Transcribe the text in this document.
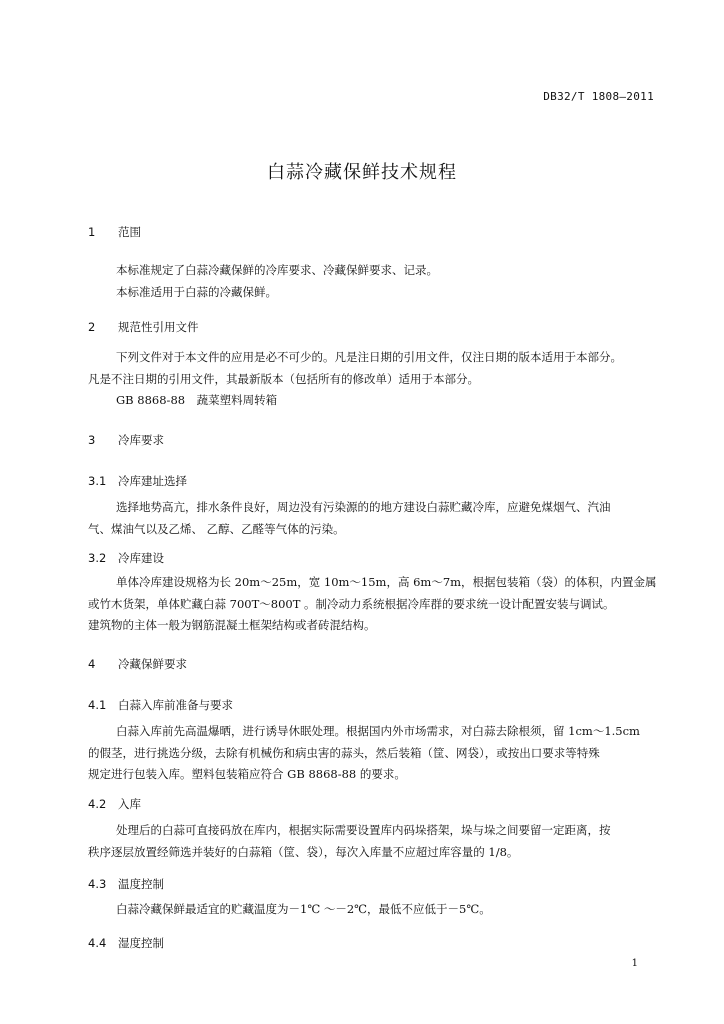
DB32/T 1808—2011
白蒜冷藏保鲜技术规程
1 范围
本标准规定了白蒜冷藏保鲜的冷库要求、冷藏保鲜要求、记录。
本标准适用于白蒜的冷藏保鲜。
2 规范性引用文件
下列文件对于本文件的应用是必不可少的。凡是注日期的引用文件，仅注日期的版本适用于本部分。
凡是不注日期的引用文件，其最新版本（包括所有的修改单）适用于本部分。
GB 8868-88　蔬菜塑料周转箱
3 冷库要求
3.1 冷库建址选择
选择地势高亢，排水条件良好，周边没有污染源的的地方建设白蒜贮藏冷库，应避免煤烟气、汽油
气、煤油气以及乙烯、 乙醇、乙醛等气体的污染。
3.2 冷库建设
单体冷库建设规格为长 20m～25m，宽 10m～15m，高 6m～7m，根据包装箱（袋）的体积，内置金属
或竹木货架，单体贮藏白蒜 700T～800T 。制冷动力系统根据冷库群的要求统一设计配置安装与调试。
建筑物的主体一般为钢筋混凝土框架结构或者砖混结构。
4 冷藏保鲜要求
4.1 白蒜入库前准备与要求
白蒜入库前先高温爆晒，进行诱导休眠处理。根据国内外市场需求，对白蒜去除根须，留 1cm～1.5cm
的假茎，进行挑选分级，去除有机械伤和病虫害的蒜头，然后装箱（筐、网袋），或按出口要求等特殊
规定进行包装入库。塑料包装箱应符合 GB 8868-88 的要求。
4.2 入库
处理后的白蒜可直接码放在库内，根据实际需要设置库内码垛搭架，垛与垛之间要留一定距离，按
秩序逐层放置经筛选并装好的白蒜箱（筐、袋），每次入库量不应超过库容量的 1/8。
4.3 温度控制
白蒜冷藏保鲜最适宜的贮藏温度为－1℃ ～－2℃，最低不应低于－5℃。
4.4 湿度控制
1
